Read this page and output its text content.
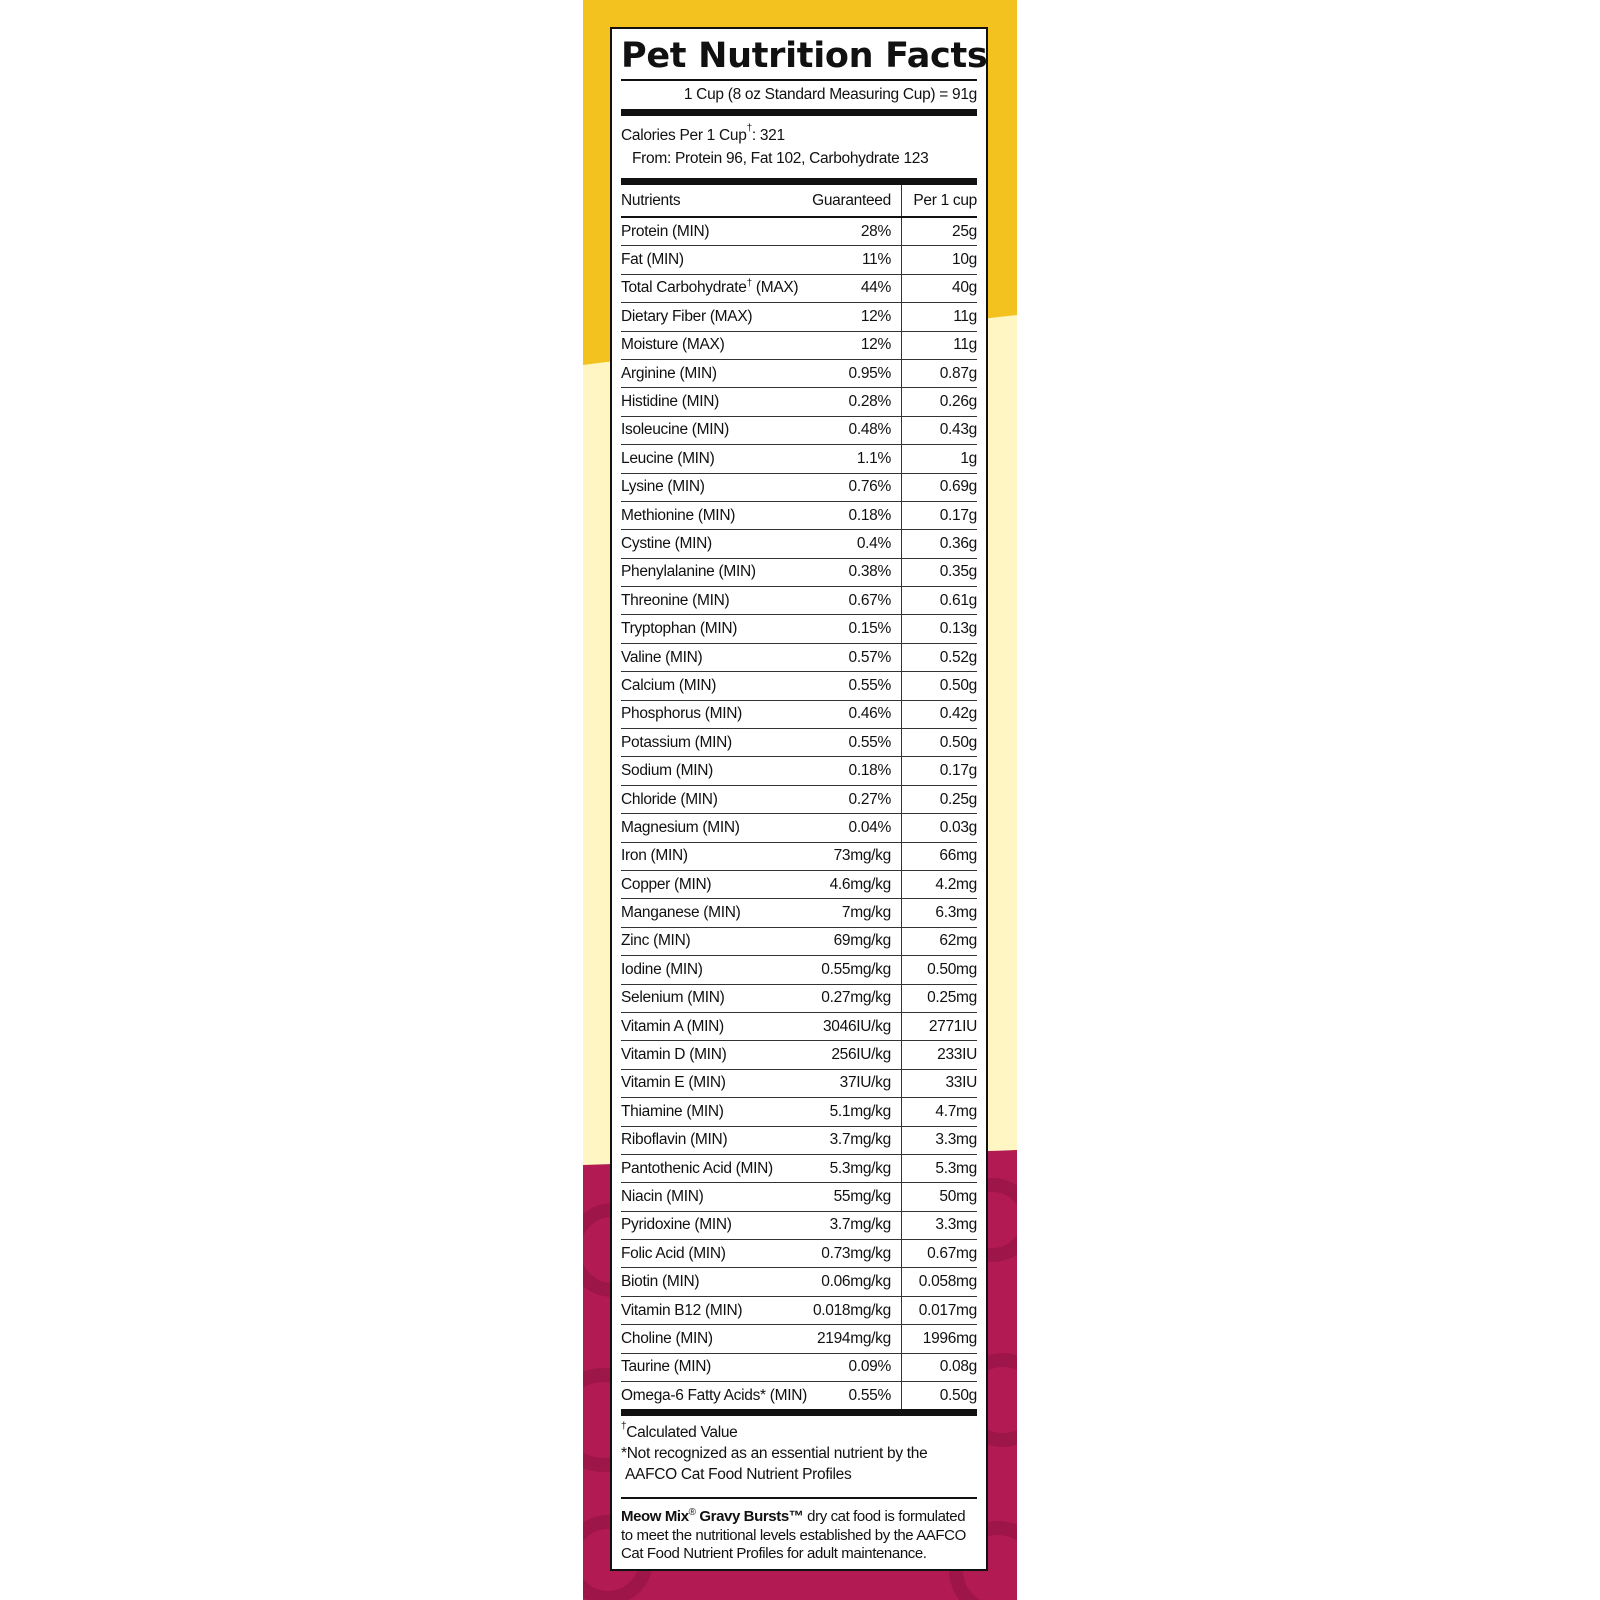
Pet Nutrition Facts
1 Cup (8 oz Standard Measuring Cup) = 91g
Calories Per 1 Cup†: 321
From: Protein 96, Fat 102, Carbohydrate 123
Nutrients	Guaranteed	Per 1 cup
Protein (MIN)	28%	25g
Fat (MIN)	11%	10g
Total Carbohydrate† (MAX)	44%	40g
Dietary Fiber (MAX)	12%	11g
Moisture (MAX)	12%	11g
Arginine (MIN)	0.95%	0.87g
Histidine (MIN)	0.28%	0.26g
Isoleucine (MIN)	0.48%	0.43g
Leucine (MIN)	1.1%	1g
Lysine (MIN)	0.76%	0.69g
Methionine (MIN)	0.18%	0.17g
Cystine (MIN)	0.4%	0.36g
Phenylalanine (MIN)	0.38%	0.35g
Threonine (MIN)	0.67%	0.61g
Tryptophan (MIN)	0.15%	0.13g
Valine (MIN)	0.57%	0.52g
Calcium (MIN)	0.55%	0.50g
Phosphorus (MIN)	0.46%	0.42g
Potassium (MIN)	0.55%	0.50g
Sodium (MIN)	0.18%	0.17g
Chloride (MIN)	0.27%	0.25g
Magnesium (MIN)	0.04%	0.03g
Iron (MIN)	73mg/kg	66mg
Copper (MIN)	4.6mg/kg	4.2mg
Manganese (MIN)	7mg/kg	6.3mg
Zinc (MIN)	69mg/kg	62mg
Iodine (MIN)	0.55mg/kg	0.50mg
Selenium (MIN)	0.27mg/kg	0.25mg
Vitamin A (MIN)	3046IU/kg	2771IU
Vitamin D (MIN)	256IU/kg	233IU
Vitamin E (MIN)	37IU/kg	33IU
Thiamine (MIN)	5.1mg/kg	4.7mg
Riboflavin (MIN)	3.7mg/kg	3.3mg
Pantothenic Acid (MIN)	5.3mg/kg	5.3mg
Niacin (MIN)	55mg/kg	50mg
Pyridoxine (MIN)	3.7mg/kg	3.3mg
Folic Acid (MIN)	0.73mg/kg	0.67mg
Biotin (MIN)	0.06mg/kg	0.058mg
Vitamin B12 (MIN)	0.018mg/kg	0.017mg
Choline (MIN)	2194mg/kg	1996mg
Taurine (MIN)	0.09%	0.08g
Omega-6 Fatty Acids* (MIN)	0.55%	0.50g
†Calculated Value
*Not recognized as an essential nutrient by the
AAFCO Cat Food Nutrient Profiles
Meow Mix® Gravy Bursts™ dry cat food is formulated to meet the nutritional levels established by the AAFCO Cat Food Nutrient Profiles for adult maintenance.
